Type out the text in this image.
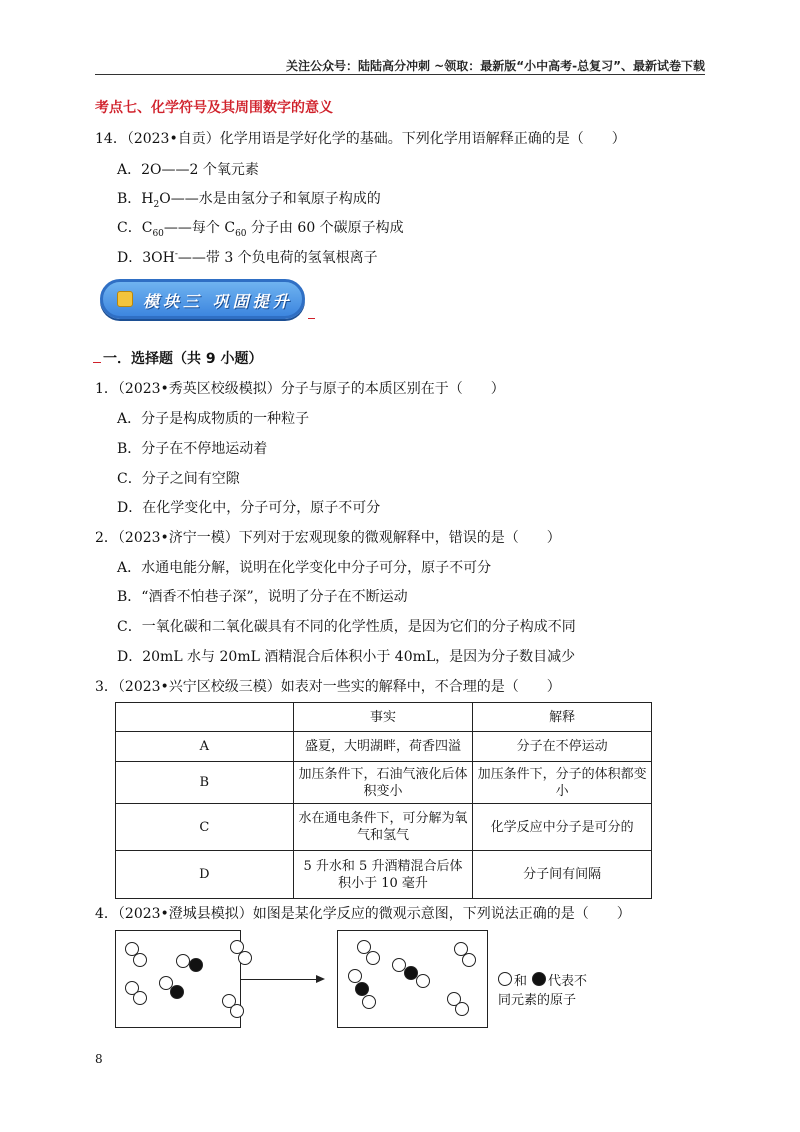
关注公众号：陆陆高分冲刺 ~领取：最新版“小中高考-总复习”、最新试卷下载
考点七、化学符号及其周围数字的意义
14．（2023•自贡）化学用语是学好化学的基础。下列化学用语解释正确的是（　　）
A．2O——2 个氧元素
B．$H_2O——$水是由氢分子和氧原子构成的
C．$C_{60}——$每个 $C_{60}$ 分子由 60 个碳原子构成
D．3OH-——带 3 个负电荷的氢氧根离子
模块三 巩固提升
一．选择题（共 9 小题）
1．（2023•秀英区校级模拟）分子与原子的本质区别在于（　　）
A．分子是构成物质的一种粒子
B．分子在不停地运动着
C．分子之间有空隙
D．在化学变化中，分子可分，原子不可分
2．（2023•济宁一模）下列对于宏观现象的微观解释中，错误的是（　　）
A．水通电能分解，说明在化学变化中分子可分，原子不可分
B．“酒香不怕巷子深”，说明了分子在不断运动
C．一氧化碳和二氧化碳具有不同的化学性质，是因为它们的分子构成不同
D．20mL 水与 20mL 酒精混合后体积小于 40mL，是因为分子数目减少
3．（2023•兴宁区校级三模）如表对一些实的解释中，不合理的是（　　）
	事实	解释
A	盛夏，大明湖畔，荷香四溢	分子在不停运动
B	加压条件下，石油气液化后体积变小	加压条件下，分子的体积都变小
C	水在通电条件下，可分解为氧气和氢气	化学反应中分子是可分的
D	5 升水和 5 升酒精混合后体积小于 10 毫升	分子间有间隔
4．（2023•澄城县模拟）如图是某化学反应的微观示意图，下列说法正确的是（　　）
和 代表不
同元素的原子
8
